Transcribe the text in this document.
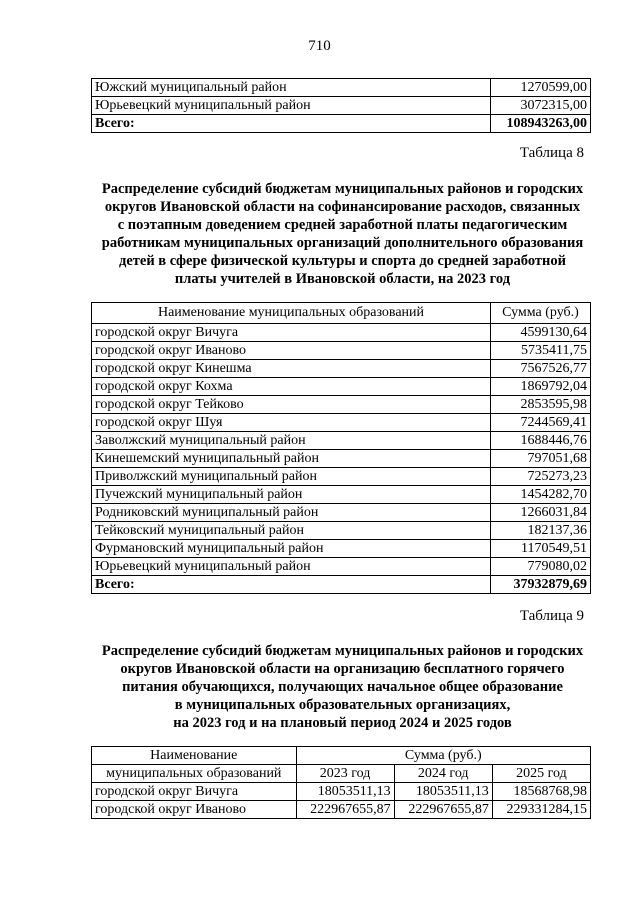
710
Южский муниципальный район	1270599,00
Юрьевецкий муниципальный район	3072315,00
Всего:	108943263,00
Таблица 8
Распределение субсидий бюджетам муниципальных районов и городских
округов Ивановской области на софинансирование расходов, связанных
с поэтапным доведением средней заработной платы педагогическим
работникам муниципальных организаций дополнительного образования
детей в сфере физической культуры и спорта до средней заработной
платы учителей в Ивановской области, на 2023 год
Наименование муниципальных образований	Сумма (руб.)
городской округ Вичуга	4599130,64
городской округ Иваново	5735411,75
городской округ Кинешма	7567526,77
городской округ Кохма	1869792,04
городской округ Тейково	2853595,98
городской округ Шуя	7244569,41
Заволжский муниципальный район	1688446,76
Кинешемский муниципальный район	797051,68
Приволжский муниципальный район	725273,23
Пучежский муниципальный район	1454282,70
Родниковский муниципальный район	1266031,84
Тейковский муниципальный район	182137,36
Фурмановский муниципальный район	1170549,51
Юрьевецкий муниципальный район	779080,02
Всего:	37932879,69
Таблица 9
Распределение субсидий бюджетам муниципальных районов и городских
округов Ивановской области на организацию бесплатного горячего
питания обучающихся, получающих начальное общее образование
в муниципальных образовательных организациях,
на 2023 год и на плановый период 2024 и 2025 годов
Наименование	Сумма (руб.)		
муниципальных образований	2023 год	2024 год	2025 год
городской округ Вичуга	18053511,13	18053511,13	18568768,98
городской округ Иваново	222967655,87	222967655,87	229331284,15
